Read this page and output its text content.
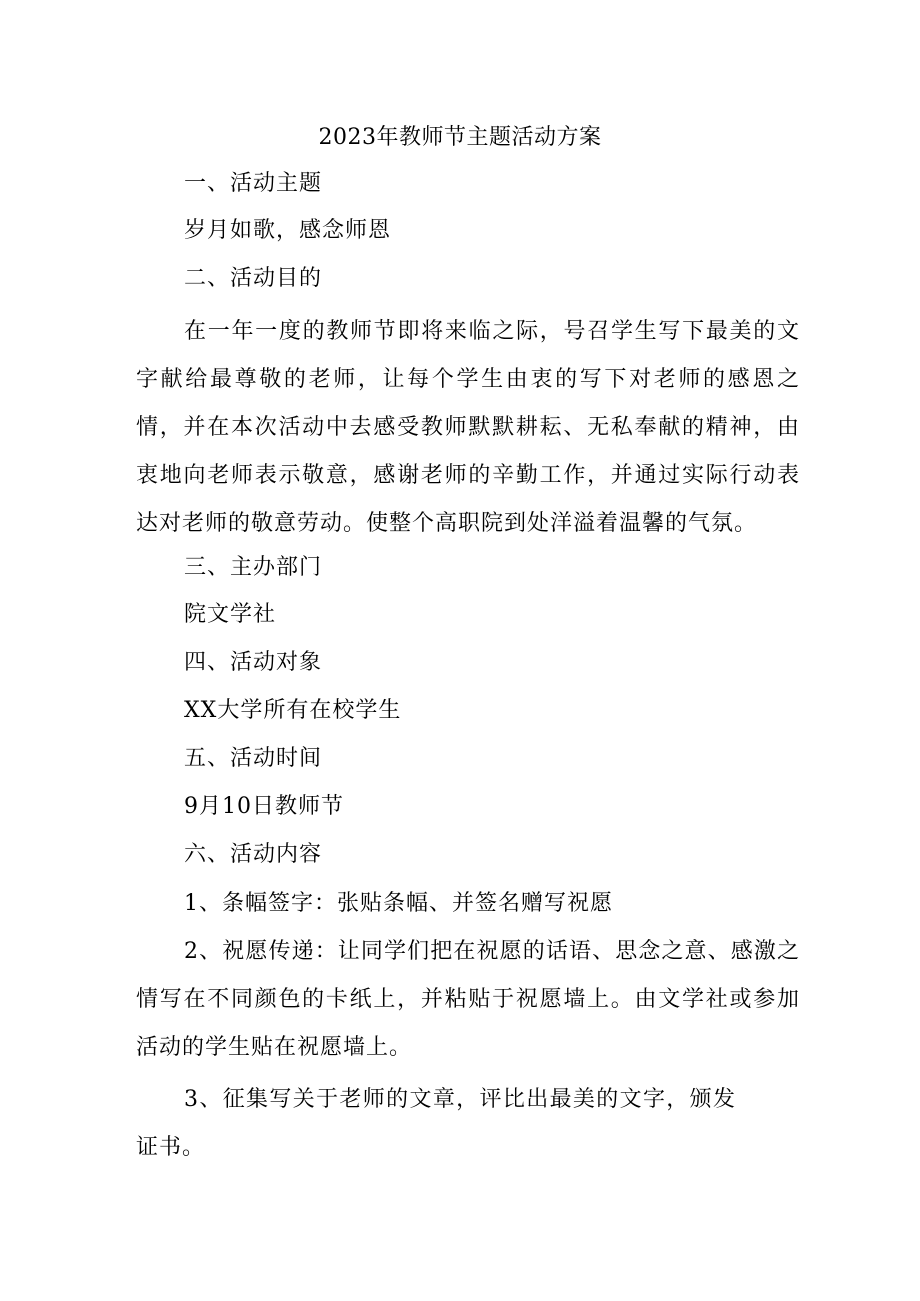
2023年教师节主题活动方案
一、活动主题
岁月如歌，感念师恩
二、活动目的
在一年一度的教师节即将来临之际，号召学生写下最美的文字献给最尊敬的老师，让每个学生由衷的写下对老师的感恩之情，并在本次活动中去感受教师默默耕耘、无私奉献的精神，由衷地向老师表示敬意，感谢老师的辛勤工作，并通过实际行动表达对老师的敬意劳动。使整个高职院到处洋溢着温馨的气氛。
三、主办部门
院文学社
四、活动对象
XX大学所有在校学生
五、活动时间
9月10日教师节
六、活动内容
1、条幅签字：张贴条幅、并签名赠写祝愿
2、祝愿传递：让同学们把在祝愿的话语、思念之意、感激之情写在不同颜色的卡纸上，并粘贴于祝愿墙上。由文学社或参加活动的学生贴在祝愿墙上。
3、征集写关于老师的文章，评比出最美的文字，颁发证书。
